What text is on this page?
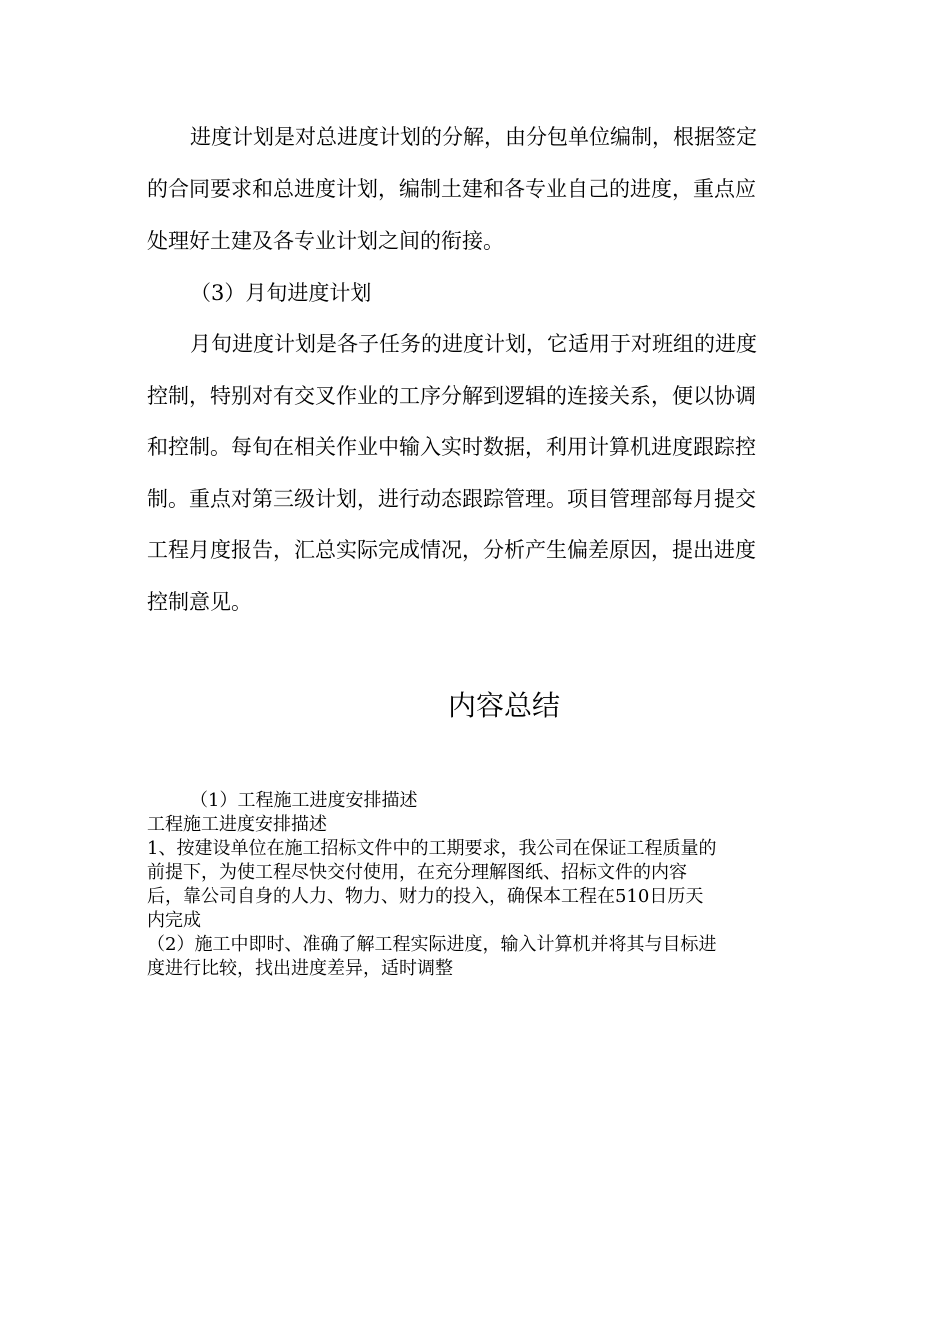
进度计划是对总进度计划的分解，由分包单位编制，根据签定

的合同要求和总进度计划，编制土建和各专业自己的进度，重点应

处理好土建及各专业计划之间的衔接。

（3）月旬进度计划

月旬进度计划是各子任务的进度计划，它适用于对班组的进度

控制，特别对有交叉作业的工序分解到逻辑的连接关系，便以协调

和控制。每旬在相关作业中输入实时数据，利用计算机进度跟踪控

制。重点对第三级计划，进行动态跟踪管理。项目管理部每月提交

工程月度报告，汇总实际完成情况，分析产生偏差原因，提出进度

控制意见。

内容总结

（1）工程施工进度安排描述

工程施工进度安排描述

1、按建设单位在施工招标文件中的工期要求，我公司在保证工程质量的

前提下，为使工程尽快交付使用，在充分理解图纸、招标文件的内容

后，靠公司自身的人力、物力、财力的投入，确保本工程在510日历天

内完成

（2）施工中即时、准确了解工程实际进度，输入计算机并将其与目标进

度进行比较，找出进度差异，适时调整
